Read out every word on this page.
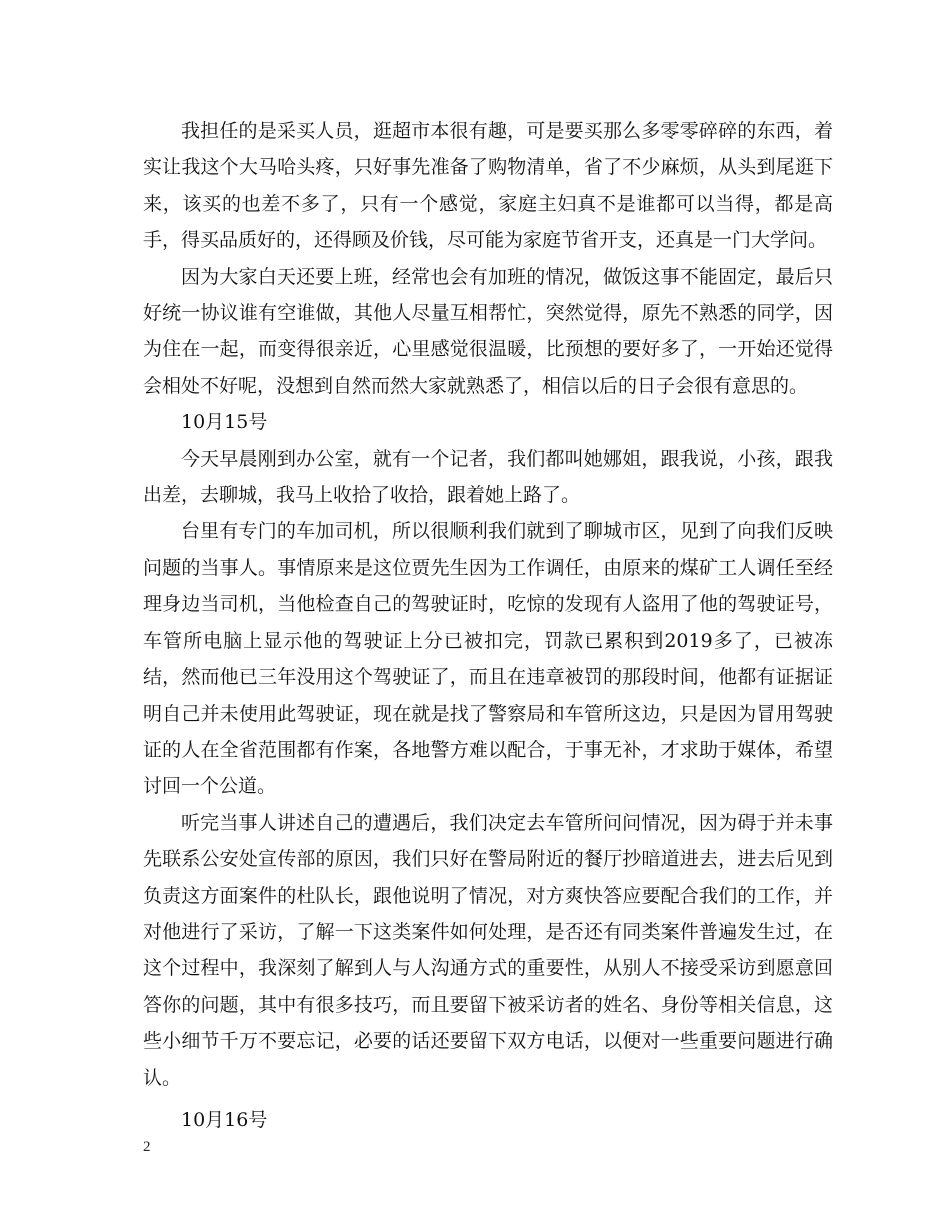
我担任的是采买人员，逛超市本很有趣，可是要买那么多零零碎碎的东西，着实让我这个大马哈头疼，只好事先准备了购物清单，省了不少麻烦，从头到尾逛下来，该买的也差不多了，只有一个感觉，家庭主妇真不是谁都可以当得，都是高手，得买品质好的，还得顾及价钱，尽可能为家庭节省开支，还真是一门大学问。

因为大家白天还要上班，经常也会有加班的情况，做饭这事不能固定，最后只好统一协议谁有空谁做，其他人尽量互相帮忙，突然觉得，原先不熟悉的同学，因为住在一起，而变得很亲近，心里感觉很温暖，比预想的要好多了，一开始还觉得会相处不好呢，没想到自然而然大家就熟悉了，相信以后的日子会很有意思的。

10月15号

今天早晨刚到办公室，就有一个记者，我们都叫她娜姐，跟我说，小孩，跟我出差，去聊城，我马上收拾了收拾，跟着她上路了。

台里有专门的车加司机，所以很顺利我们就到了聊城市区，见到了向我们反映问题的当事人。事情原来是这位贾先生因为工作调任，由原来的煤矿工人调任至经理身边当司机，当他检查自己的驾驶证时，吃惊的发现有人盗用了他的驾驶证号，车管所电脑上显示他的驾驶证上分已被扣完，罚款已累积到2019多了，已被冻结，然而他已三年没用这个驾驶证了，而且在违章被罚的那段时间，他都有证据证明自己并未使用此驾驶证，现在就是找了警察局和车管所这边，只是因为冒用驾驶证的人在全省范围都有作案，各地警方难以配合，于事无补，才求助于媒体，希望讨回一个公道。

听完当事人讲述自己的遭遇后，我们决定去车管所问问情况，因为碍于并未事先联系公安处宣传部的原因，我们只好在警局附近的餐厅抄暗道进去，进去后见到负责这方面案件的杜队长，跟他说明了情况，对方爽快答应要配合我们的工作，并对他进行了采访，了解一下这类案件如何处理，是否还有同类案件普遍发生过，在这个过程中，我深刻了解到人与人沟通方式的重要性，从别人不接受采访到愿意回答你的问题，其中有很多技巧，而且要留下被采访者的姓名、身份等相关信息，这些小细节千万不要忘记，必要的话还要留下双方电话，以便对一些重要问题进行确认。

10月16号

2
